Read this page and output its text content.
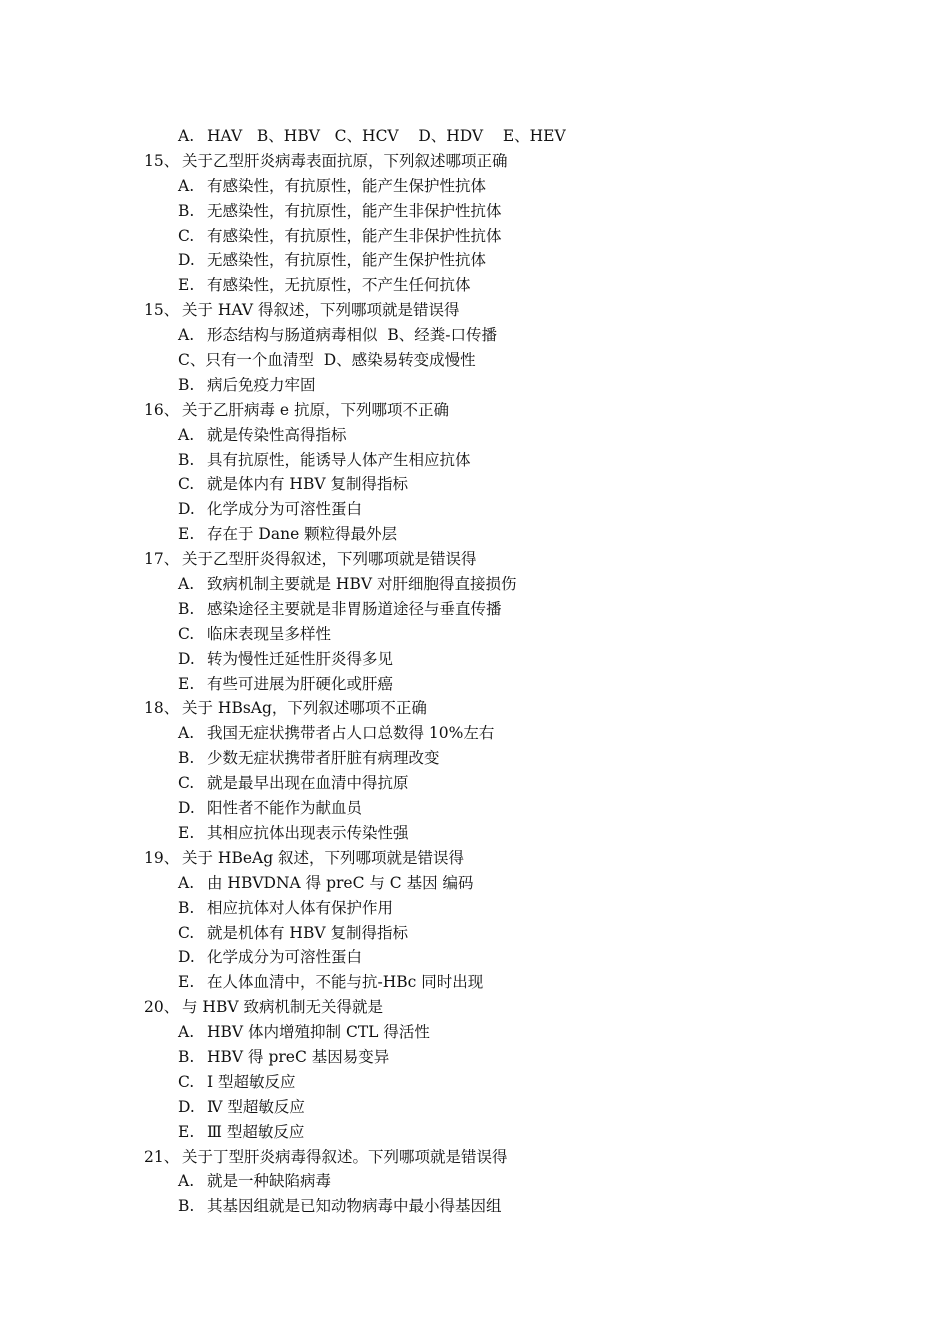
A. HAV   B、HBV   C、HCV    D、HDV    E、HEV
15、 关于乙型肝炎病毒表面抗原，下列叙述哪项正确
A. 有感染性，有抗原性，能产生保护性抗体
B. 无感染性，有抗原性，能产生非保护性抗体
C. 有感染性，有抗原性，能产生非保护性抗体
D. 无感染性，有抗原性，能产生保护性抗体
E. 有感染性，无抗原性，不产生任何抗体
15、 关于 HAV 得叙述，下列哪项就是错误得
A. 形态结构与肠道病毒相似  B、经粪-口传播
C、只有一个血清型  D、感染易转变成慢性
B. 病后免疫力牢固
16、 关于乙肝病毒 e 抗原，下列哪项不正确
A. 就是传染性高得指标
B. 具有抗原性，能诱导人体产生相应抗体
C. 就是体内有 HBV 复制得指标
D. 化学成分为可溶性蛋白
E. 存在于 Dane 颗粒得最外层
17、 关于乙型肝炎得叙述，下列哪项就是错误得
A. 致病机制主要就是 HBV 对肝细胞得直接损伤
B. 感染途径主要就是非胃肠道途径与垂直传播
C. 临床表现呈多样性
D. 转为慢性迁延性肝炎得多见
E. 有些可进展为肝硬化或肝癌
18、 关于 HBsAg，下列叙述哪项不正确
A. 我国无症状携带者占人口总数得 10%左右
B. 少数无症状携带者肝脏有病理改变
C. 就是最早出现在血清中得抗原
D. 阳性者不能作为献血员
E. 其相应抗体出现表示传染性强
19、 关于 HBeAg 叙述，下列哪项就是错误得
A. 由 HBVDNA 得 preC 与 C 基因 编码
B. 相应抗体对人体有保护作用
C. 就是机体有 HBV 复制得指标
D. 化学成分为可溶性蛋白
E. 在人体血清中，不能与抗-HBc 同时出现
20、 与 HBV 致病机制无关得就是
A. HBV 体内增殖抑制 CTL 得活性
B. HBV 得 preC 基因易变异
C. Ⅰ 型超敏反应
D. Ⅳ 型超敏反应
E. Ⅲ 型超敏反应
21、 关于丁型肝炎病毒得叙述。下列哪项就是错误得
A. 就是一种缺陷病毒
B. 其基因组就是已知动物病毒中最小得基因组
